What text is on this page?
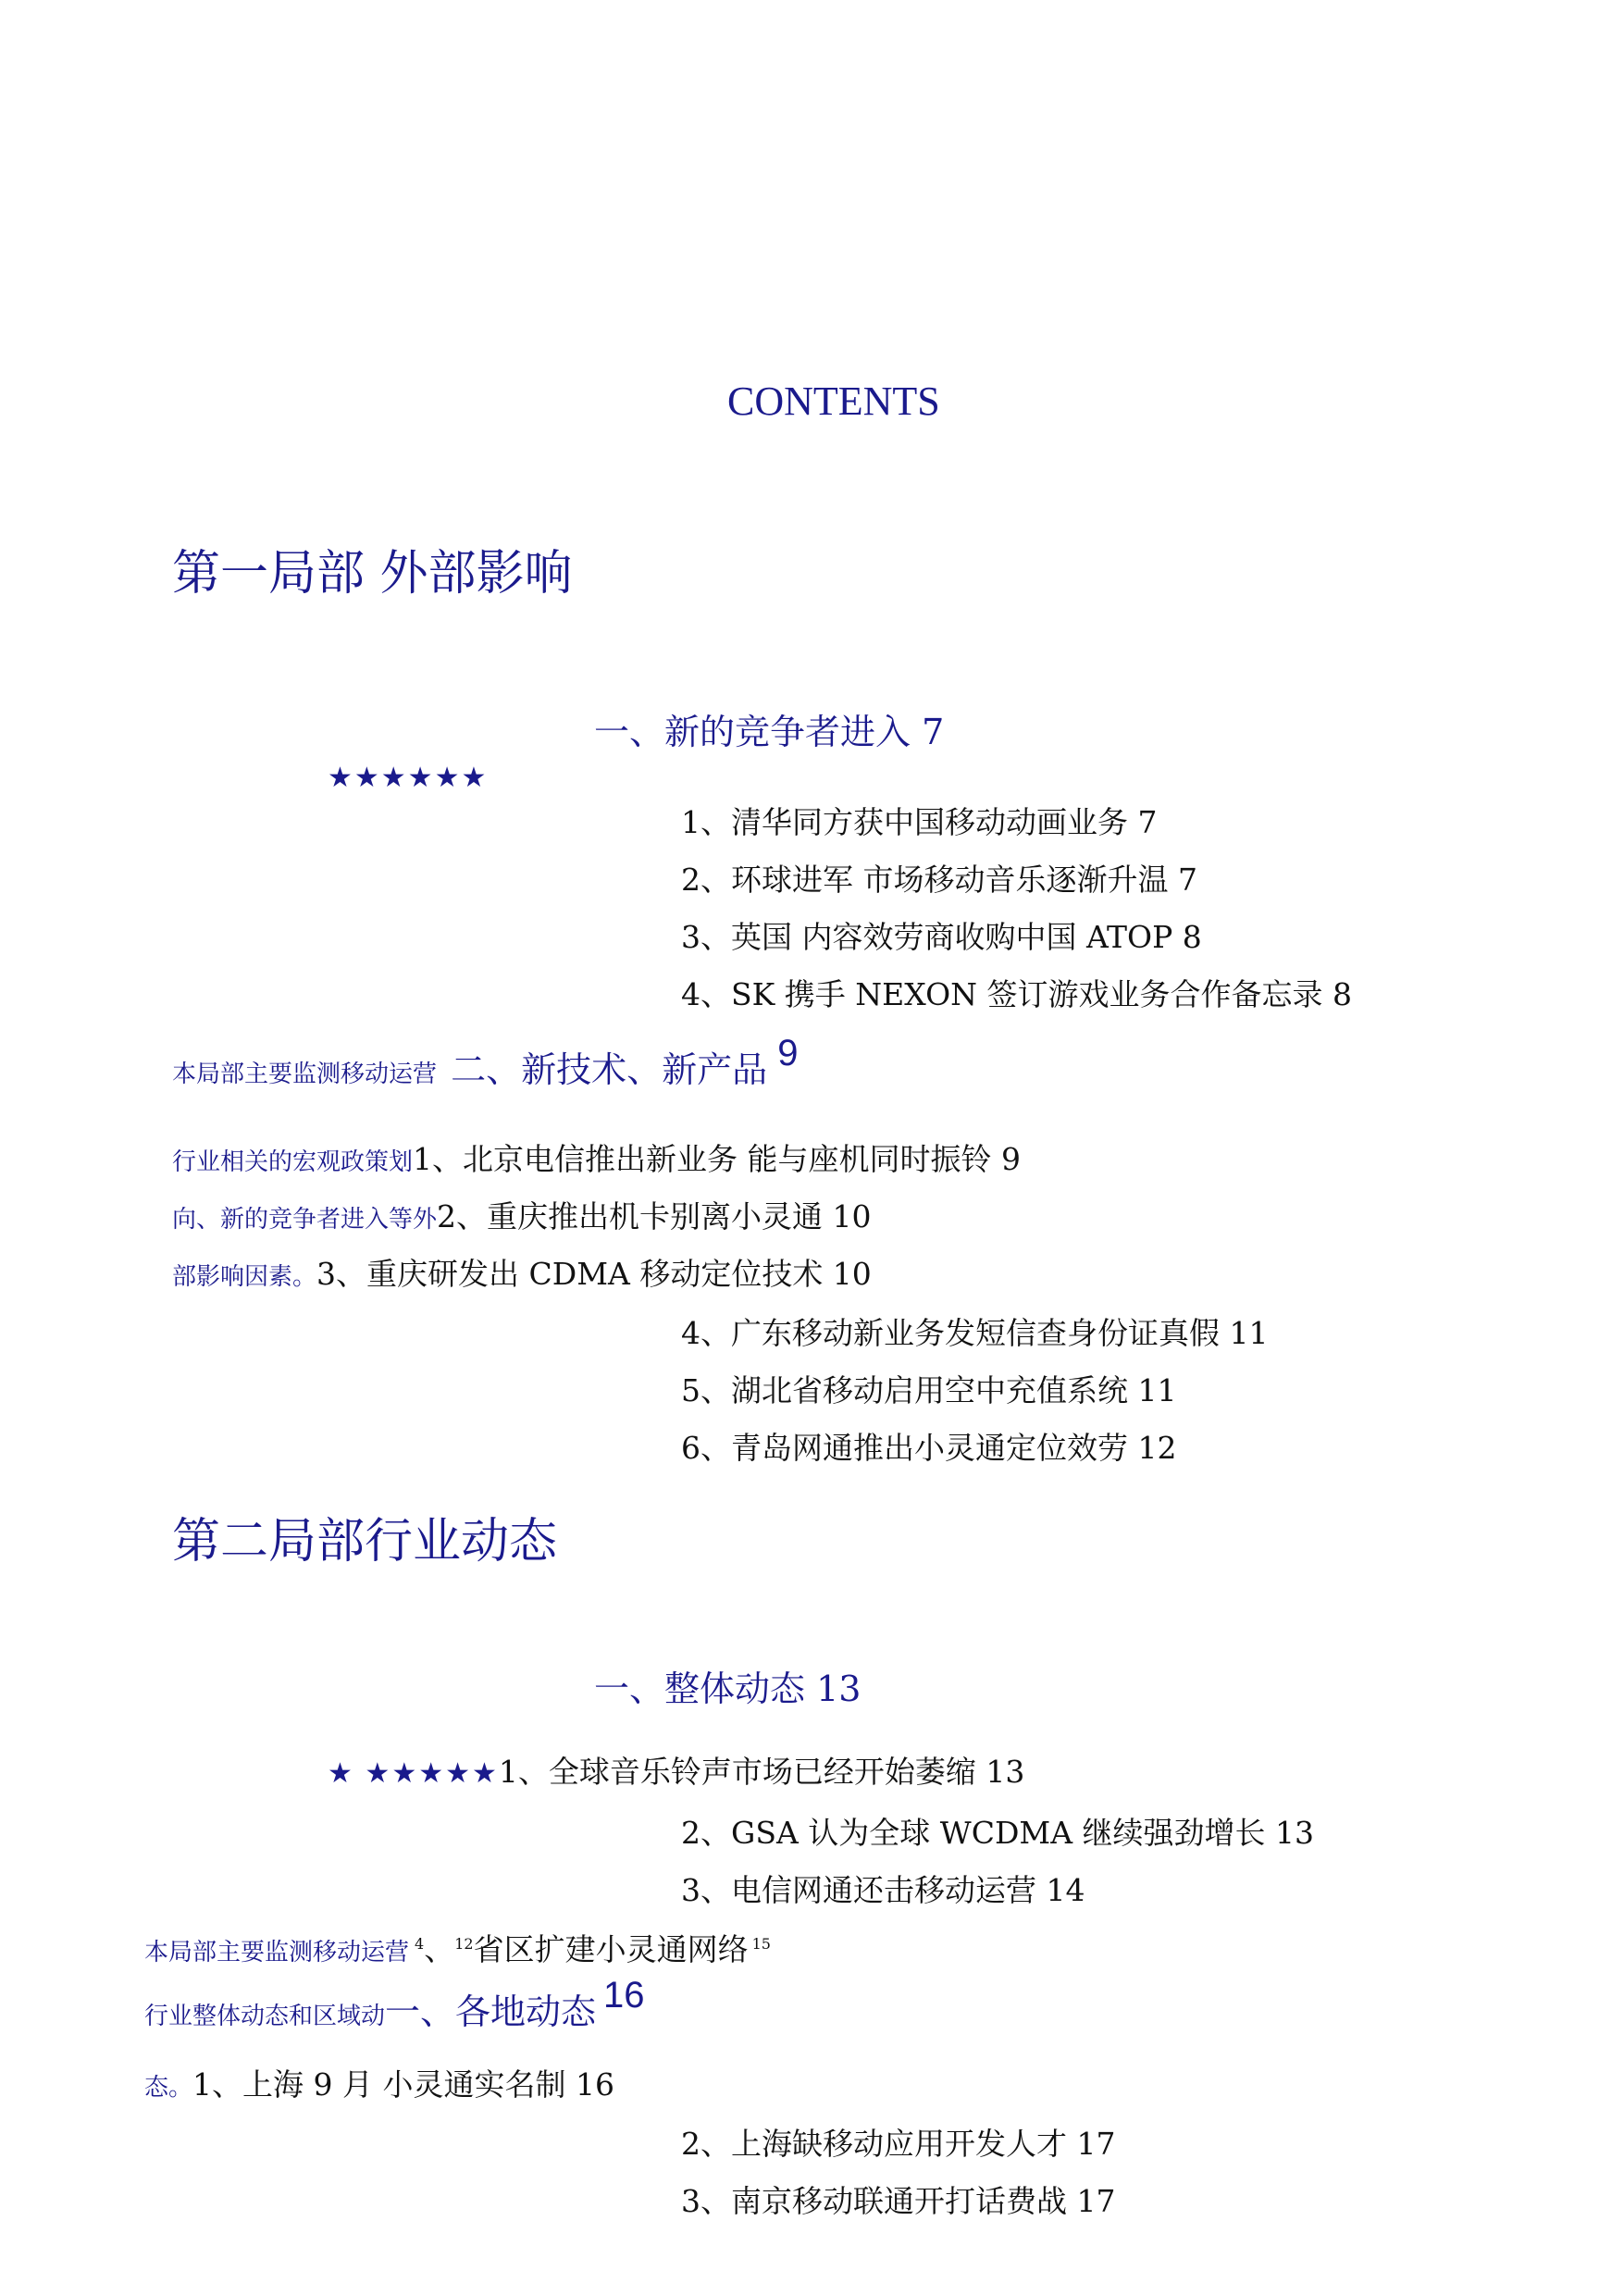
CONTENTS
第一局部 外部影响
一、新的竞争者进入 7
★★★★★★
1、清华同方获中国移动动画业务 7
2、环球进军 市场移动音乐逐渐升温 7
3、英国 内容效劳商收购中国 ATOP 8
4、SK 携手 NEXON 签订游戏业务合作备忘录 8
本局部主要监测移动运营 二、新技术、新产品 9
行业相关的宏观政策划1、北京电信推出新业务 能与座机同时振铃 9
向、新的竞争者进入等外2、重庆推出机卡别离小灵通 10
部影响因素。3、重庆研发出 CDMA 移动定位技术 10
4、广东移动新业务发短信查身份证真假 11
5、湖北省移动启用空中充值系统 11
6、青岛网通推出小灵通定位效劳 12
第二局部行业动态
一、整体动态 13
★ ★★★★★1、全球音乐铃声市场已经开始萎缩 13
2、GSA 认为全球 WCDMA 继续强劲增长 13
3、电信网通还击移动运营 14
本局部主要监测移动运营 4、12省区扩建小灵通网络 15
行业整体动态和区域动一、各地动态 16
态。1、上海 9 月 小灵通实名制 16
2、上海缺移动应用开发人才 17
3、南京移动联通开打话费战 17
